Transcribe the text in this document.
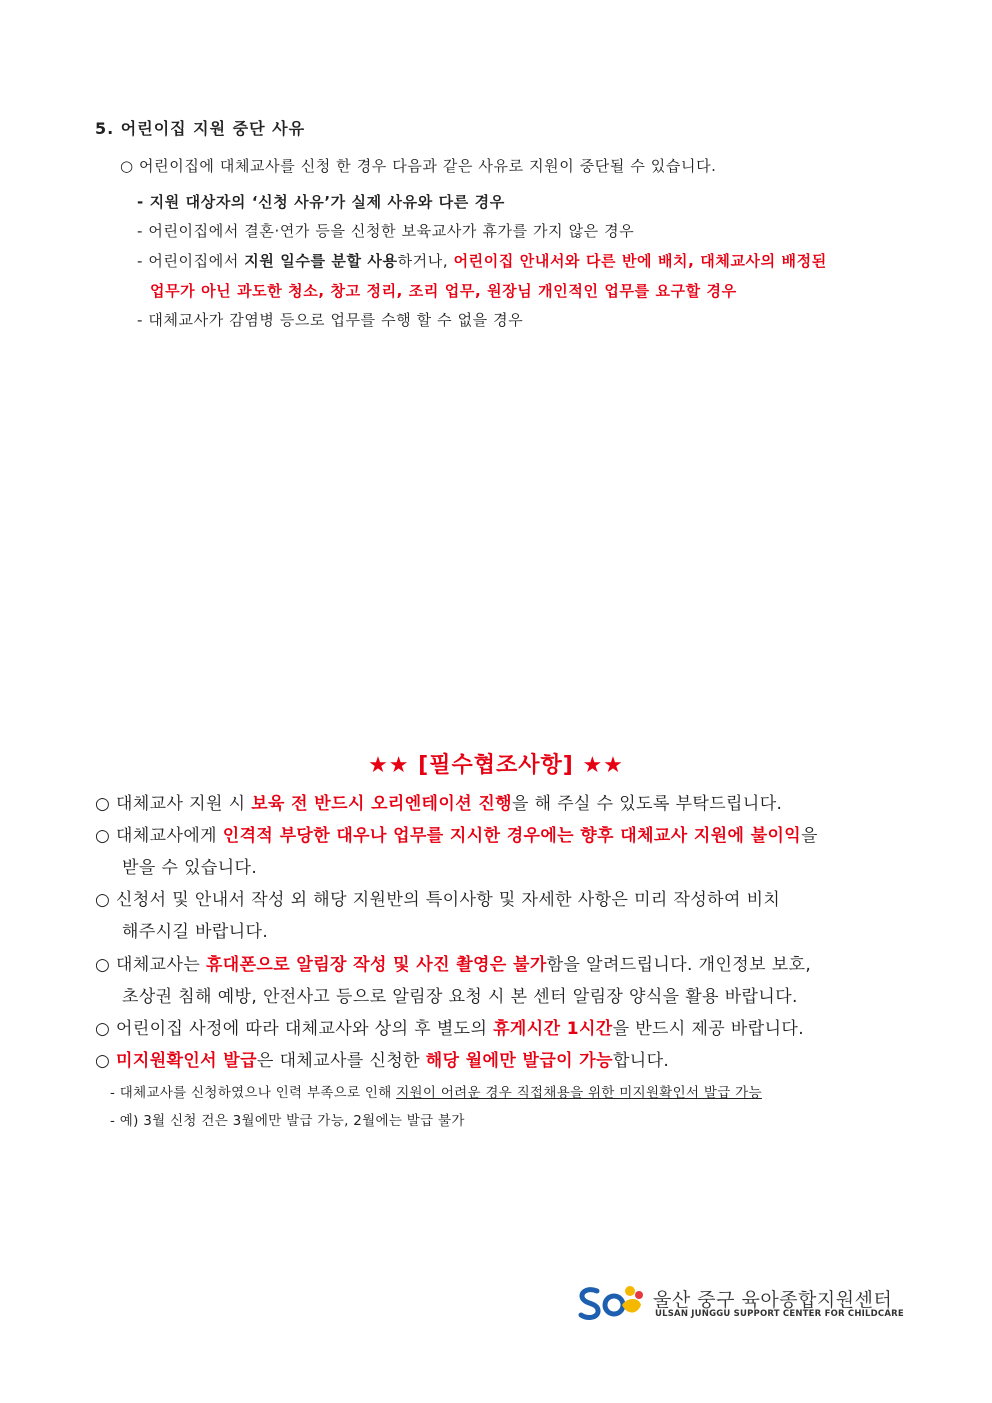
5. 어린이집 지원 중단 사유
○ 어린이집에 대체교사를 신청 한 경우 다음과 같은 사유로 지원이 중단될 수 있습니다.
- 지원 대상자의 ‘신청 사유’가 실제 사유와 다른 경우
- 어린이집에서 결혼·연가 등을 신청한 보육교사가 휴가를 가지 않은 경우
- 어린이집에서 지원 일수를 분할 사용하거나, 어린이집 안내서와 다른 반에 배치, 대체교사의 배정된
업무가 아닌 과도한 청소, 창고 정리, 조리 업무, 원장님 개인적인 업무를 요구할 경우
- 대체교사가 감염병 등으로 업무를 수행 할 수 없을 경우
★★ [필수협조사항] ★★
○ 대체교사 지원 시 보육 전 반드시 오리엔테이션 진행을 해 주실 수 있도록 부탁드립니다.
○ 대체교사에게 인격적 부당한 대우나 업무를 지시한 경우에는 향후 대체교사 지원에 불이익을
받을 수 있습니다.
○ 신청서 및 안내서 작성 외 해당 지원반의 특이사항 및 자세한 사항은 미리 작성하여 비치
해주시길 바랍니다.
○ 대체교사는 휴대폰으로 알림장 작성 및 사진 촬영은 불가함을 알려드립니다. 개인정보 보호,
초상권 침해 예방, 안전사고 등으로 알림장 요청 시 본 센터 알림장 양식을 활용 바랍니다.
○ 어린이집 사정에 따라 대체교사와 상의 후 별도의 휴게시간 1시간을 반드시 제공 바랍니다.
○ 미지원확인서 발급은 대체교사를 신청한 해당 월에만 발급이 가능합니다.
- 대체교사를 신청하였으나 인력 부족으로 인해 지원이 어려운 경우 직접채용을 위한 미지원확인서 발급 가능
- 예) 3월 신청 건은 3월에만 발급 가능, 2월에는 발급 불가
울산 중구 육아종합지원센터
ULSAN JUNGGU SUPPORT CENTER FOR CHILDCARE
